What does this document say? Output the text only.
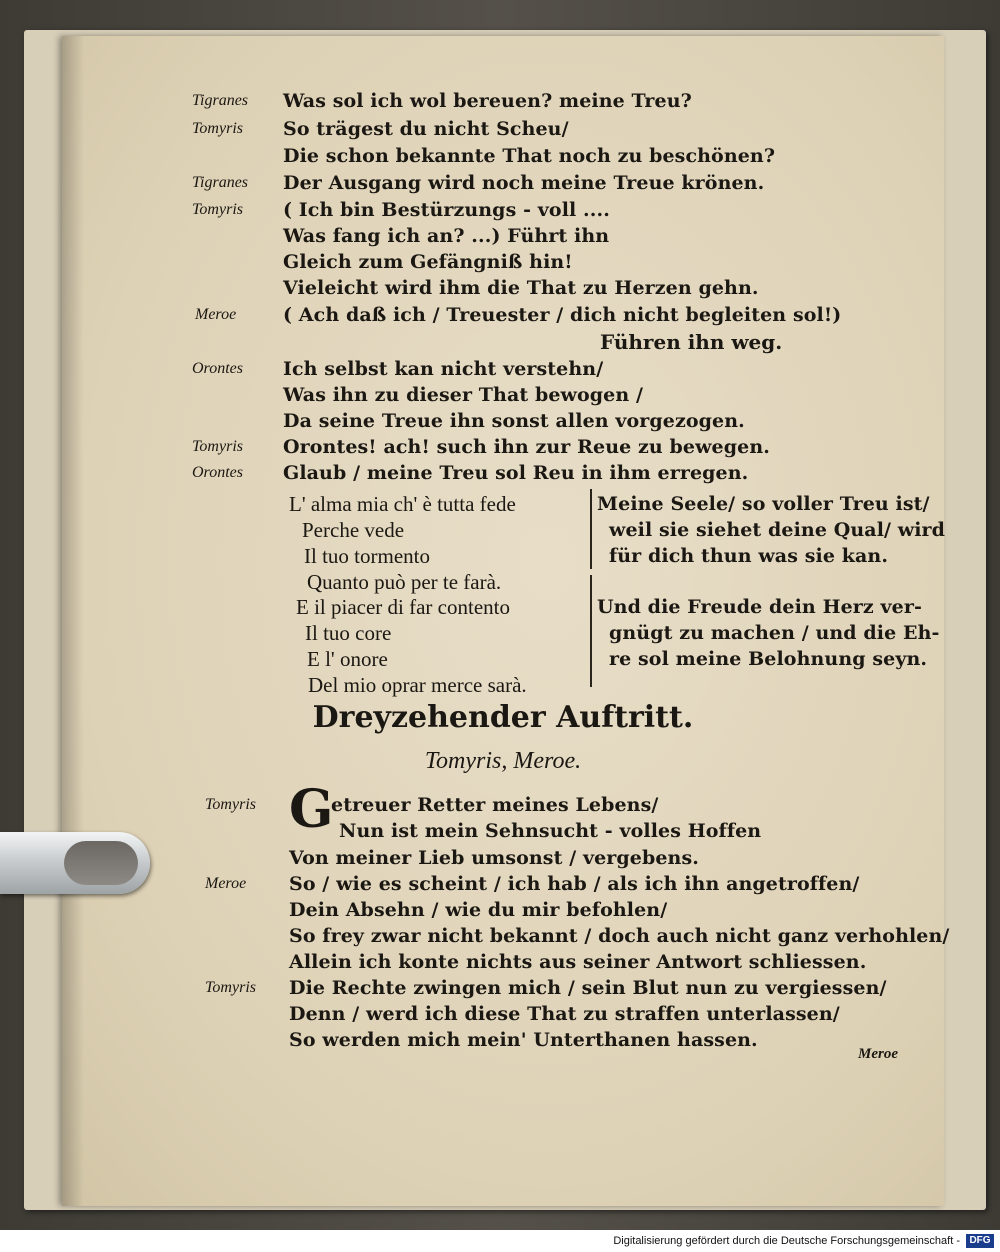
Tigranes Was sol ich wol bereuen? meine Treu?
Tomyris So trägest du nicht Scheu/
Die schon bekannte That noch zu beschönen?
Tigranes Der Ausgang wird noch meine Treue krönen.
Tomyris ( Ich bin Bestürzungs - voll ....
Was fang ich an? ...) Führt ihn
Gleich zum Gefängniß hin!
Vieleicht wird ihm die That zu Herzen gehn.
Meroe ( Ach daß ich / Treuester / dich nicht begleiten sol!)
Führen ihn weg.
Orontes Ich selbst kan nicht verstehn/
Was ihn zu dieser That bewogen /
Da seine Treue ihn sonst allen vorgezogen.
Tomyris Orontes! ach! such ihn zur Reue zu bewegen.
Orontes Glaub / meine Treu sol Reu in ihm erregen.
L' alma mia ch' è tutta fede
Perche vede
Il tuo tormento
Quanto può per te farà.
E il piacer di far contento
Il tuo core
E l' onore
Del mio oprar merce sarà.
Meine Seele/ so voller Treu ist/
weil sie siehet deine Qual/ wird
für dich thun was sie kan.
Und die Freude dein Herz ver-
gnügt zu machen / und die Eh-
re sol meine Belohnung seyn.
Dreyzehender Auftritt.
Tomyris, Meroe.
G
Tomyris	etreuer Retter meines Lebens/
Nun ist mein Sehnsucht - volles Hoffen
Von meiner Lieb umsonst / vergebens.
Meroe So / wie es scheint / ich hab / als ich ihn angetroffen/
Dein Absehn / wie du mir befohlen/
So frey zwar nicht bekannt / doch auch nicht ganz verhohlen/
Allein ich konte nichts aus seiner Antwort schliessen.
Tomyris Die Rechte zwingen mich / sein Blut nun zu vergiessen/
Denn / werd ich diese That zu straffen unterlassen/
So werden mich mein' Unterthanen hassen.
Meroe
Digitalisierung gefördert durch die Deutsche Forschungsgemeinschaft - DFG
